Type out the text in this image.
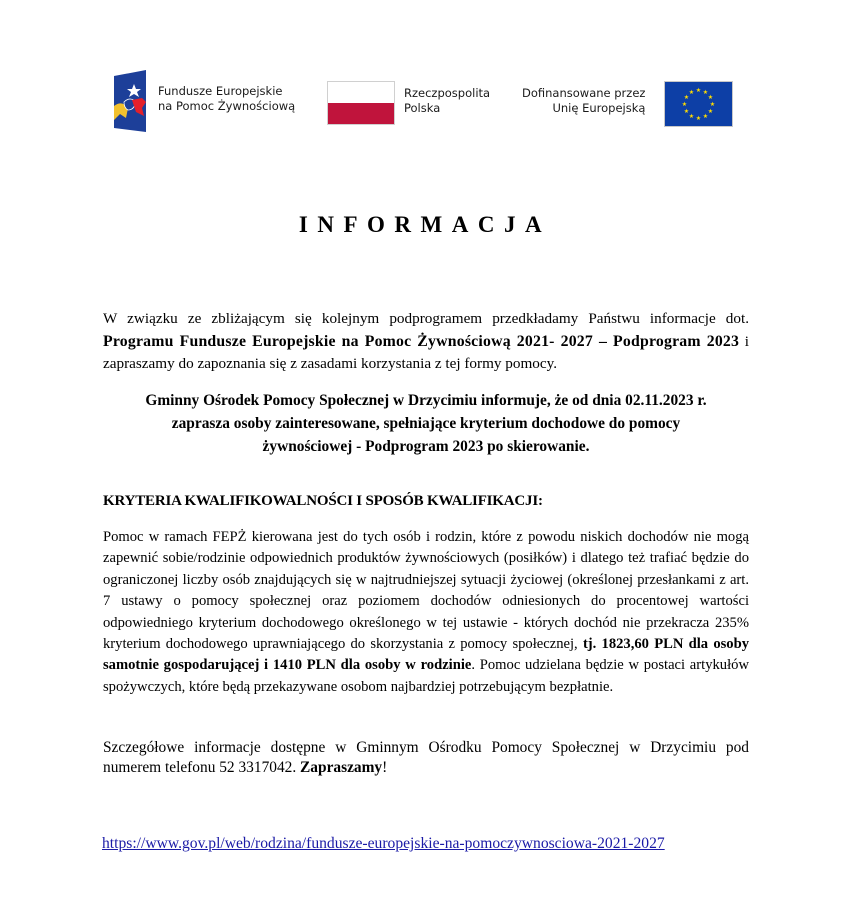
Fundusze Europejskie
na Pomoc Żywnościową
Rzeczpospolita
Polska
Dofinansowane przez
Unię Europejską
★ ★
★
★
★
★
★
★
★
★
★
★
INFORMACJA
W związku ze zbliżającym się kolejnym podprogramem przedkładamy Państwu informacje dot. Programu Fundusze Europejskie na Pomoc Żywnościową 2021- 2027 – Podprogram 2023 i zapraszamy do zapoznania się z zasadami korzystania z tej formy pomocy.
Gminny Ośrodek Pomocy Społecznej w Drzycimiu informuje, że od dnia 02.11.2023 r.
zaprasza osoby zainteresowane, spełniające kryterium dochodowe do pomocy
żywnościowej - Podprogram 2023 po skierowanie.
KRYTERIA KWALIFIKOWALNOŚCI I SPOSÓB KWALIFIKACJI:
Pomoc w ramach FEPŻ kierowana jest do tych osób i rodzin, które z powodu niskich dochodów nie mogą zapewnić sobie/rodzinie odpowiednich produktów żywnościowych (posiłków) i dlatego też trafiać będzie do ograniczonej liczby osób znajdujących się w najtrudniejszej sytuacji życiowej (określonej przesłankami z art. 7 ustawy o pomocy społecznej oraz poziomem dochodów odniesionych do procentowej wartości odpowiedniego kryterium dochodowego określonego w tej ustawie - których dochód nie przekracza 235% kryterium dochodowego uprawniającego do skorzystania z pomocy społecznej, tj. 1823,60 PLN dla osoby samotnie gospodarującej i 1410 PLN dla osoby w rodzinie. Pomoc udzielana będzie w postaci artykułów spożywczych, które będą przekazywane osobom najbardziej potrzebującym bezpłatnie.
Szczegółowe informacje dostępne w Gminnym Ośrodku Pomocy Społecznej w Drzycimiu pod numerem telefonu 52 3317042. Zapraszamy!
https://www.gov.pl/web/rodzina/fundusze-europejskie-na-pomoczywnosciowa-2021-2027
